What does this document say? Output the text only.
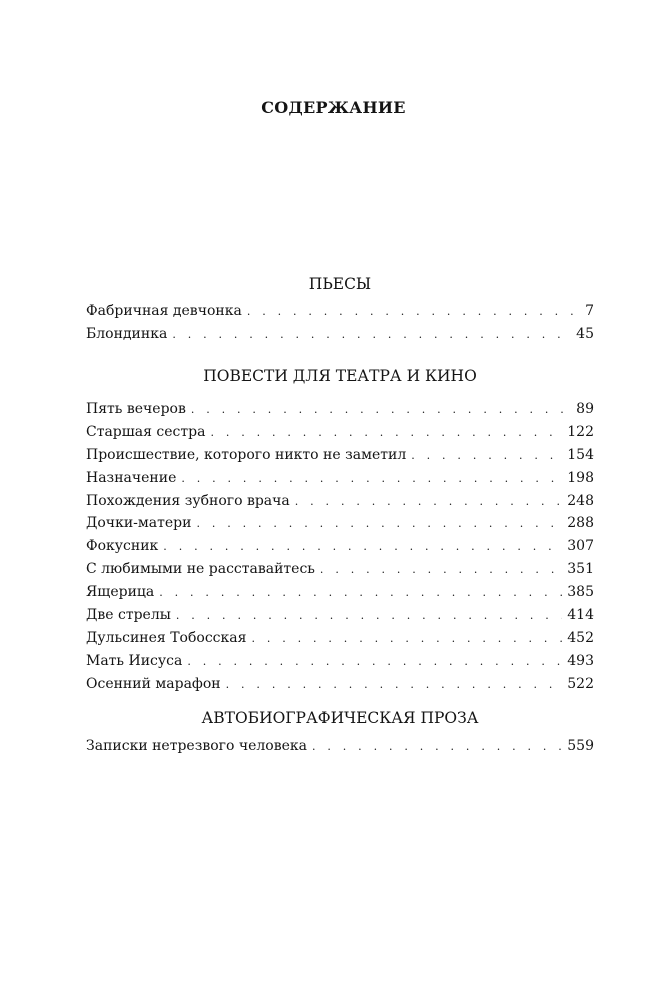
СОДЕРЖАНИЕ
ПЬЕСЫ
Фабричная девчонка . . .	7
Блондинка . . .	45
ПОВЕСТИ ДЛЯ ТЕАТРА И КИНО
Пять вечеров . . .	89
Старшая сестра . . .	122
Происшествие, которого никто не заметил . . .	154
Назначение . . .	198
Похождения зубного врача . . .	248
Дочки-матери . . .	288
Фокусник . . .	307
С любимыми не расставайтесь . . .	351
Ящерица . . .	385
Две стрелы . . .	414
Дульсинея Тобосская . . .	452
Мать Иисуса . . .	493
Осенний марафон . . .	522
АВТОБИОГРАФИЧЕСКАЯ ПРОЗА
Записки нетрезвого человека . . .	559
